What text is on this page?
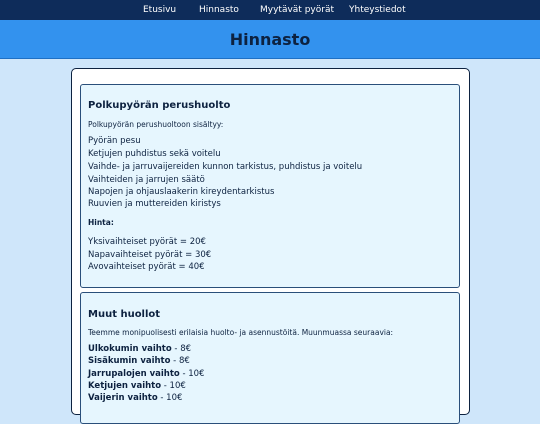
Etusivu	Hinnasto Myytävät pyörät Yhteystiedot
Hinnasto
Polkupyörän perushuolto
Polkupyörän perushuoltoon sisältyy:
Pyörän pesu
Ketjujen puhdistus sekä voitelu
Vaihde- ja jarruvaijereiden kunnon tarkistus, puhdistus ja voitelu
Vaihteiden ja jarrujen säätö
Napojen ja ohjauslaakerin kireydentarkistus
Ruuvien ja muttereiden kiristys
Hinta:
Yksivaihteiset pyörät = 20€
Napavaihteiset pyörät = 30€
Avovaihteiset pyörät = 40€
Muut huollot
Teemme monipuolisesti erilaisia huolto- ja asennustöitä. Muunmuassa seuraavia:
Ulkokumin vaihto - 8€
Sisäkumin vaihto - 8€
Jarrupalojen vaihto - 10€
Ketjujen vaihto - 10€
Vaijerin vaihto - 10€
